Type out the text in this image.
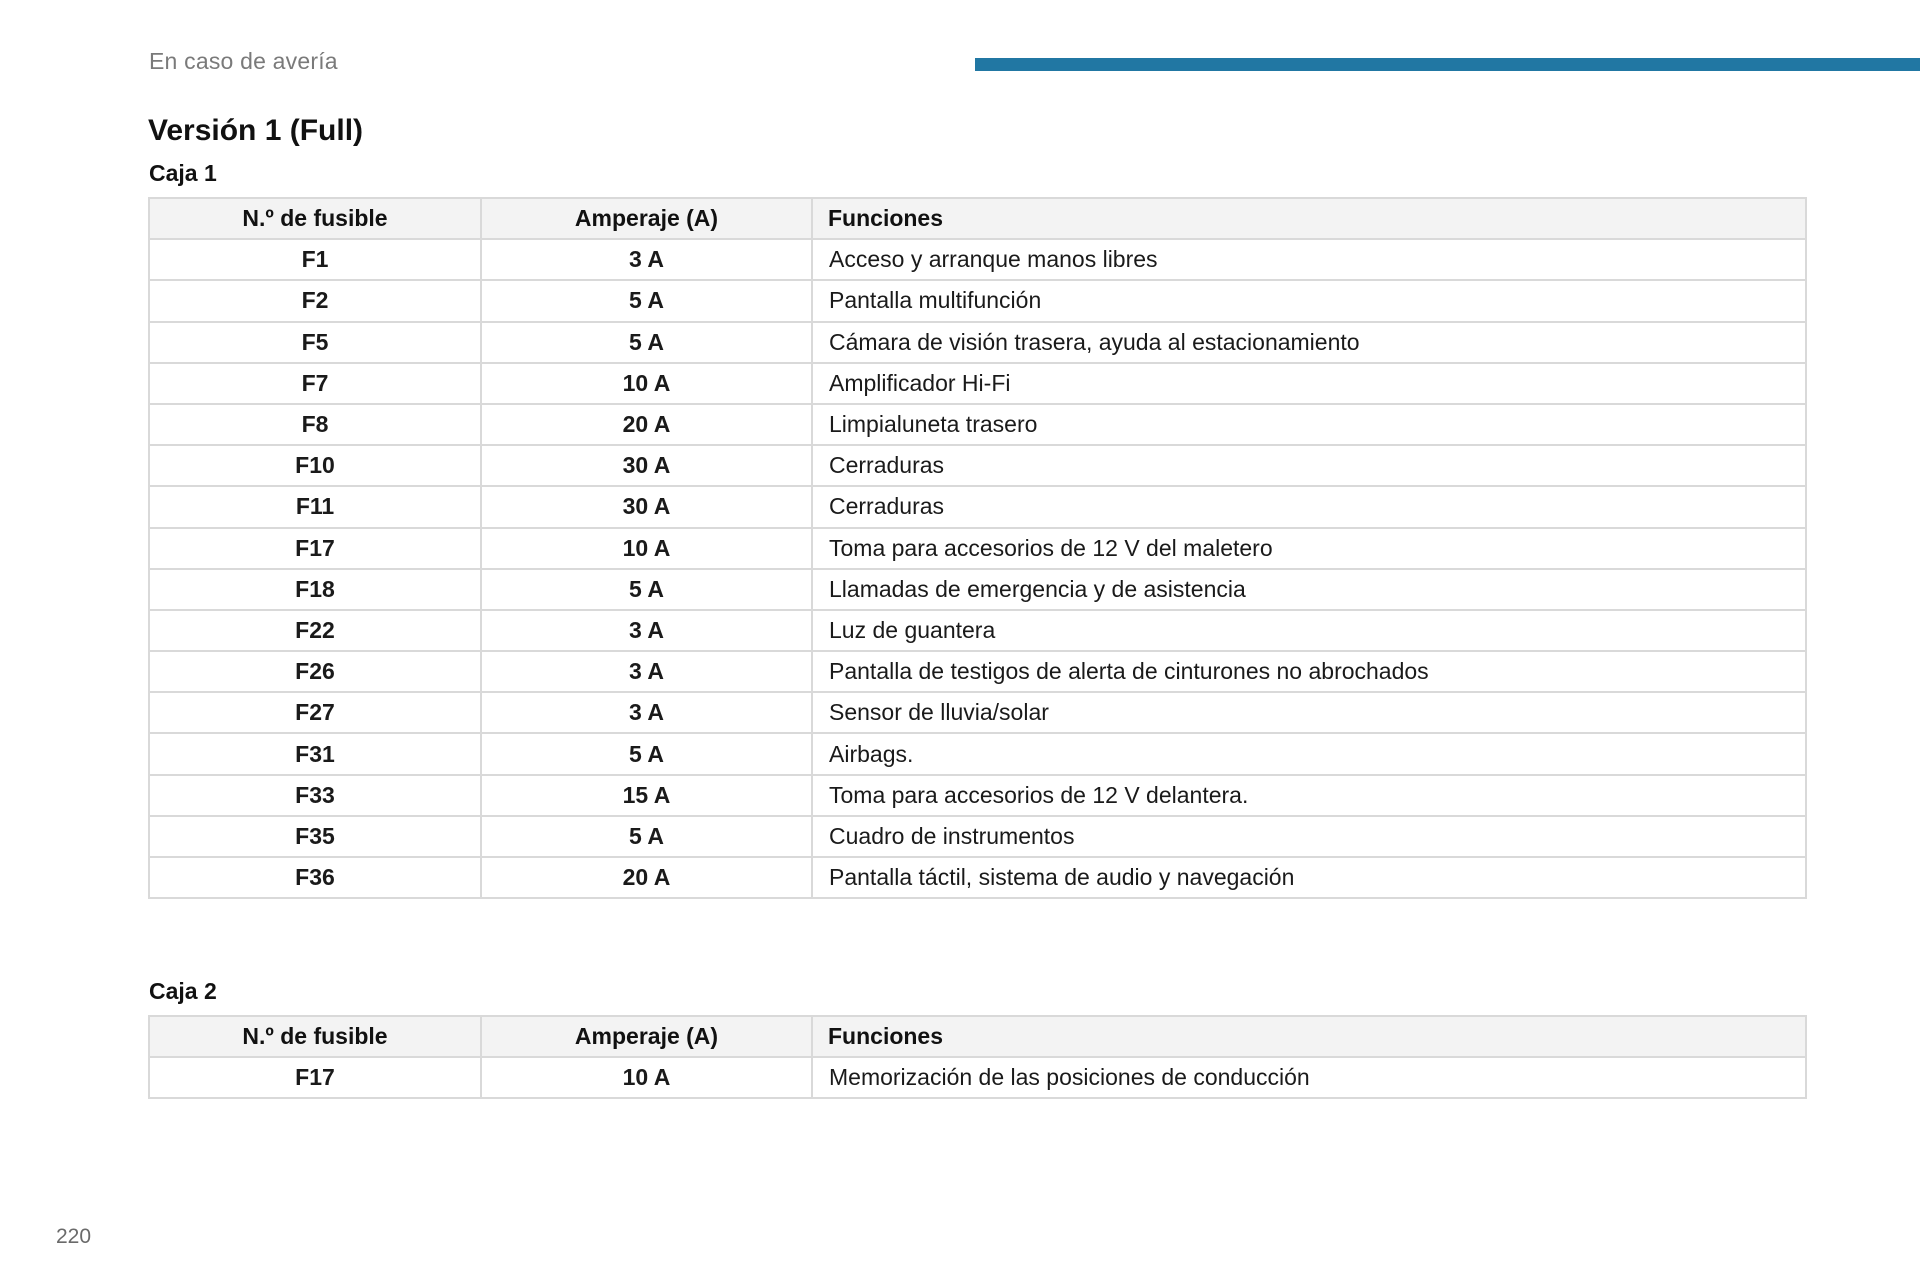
En caso de avería
Versión 1 (Full)
Caja 1
N.º de fusible	Amperaje (A)	Funciones
F1	3 A	Acceso y arranque manos libres
F2	5 A	Pantalla multifunción
F5	5 A	Cámara de visión trasera, ayuda al estacionamiento
F7	10 A	Amplificador Hi-Fi
F8	20 A	Limpialuneta trasero
F10	30 A	Cerraduras
F11	30 A	Cerraduras
F17	10 A	Toma para accesorios de 12 V del maletero
F18	5 A	Llamadas de emergencia y de asistencia
F22	3 A	Luz de guantera
F26	3 A	Pantalla de testigos de alerta de cinturones no abrochados
F27	3 A	Sensor de lluvia/solar
F31	5 A	Airbags.
F33	15 A	Toma para accesorios de 12 V delantera.
F35	5 A	Cuadro de instrumentos
F36	20 A	Pantalla táctil, sistema de audio y navegación
Caja 2
N.º de fusible	Amperaje (A)	Funciones
F17	10 A	Memorización de las posiciones de conducción
220
